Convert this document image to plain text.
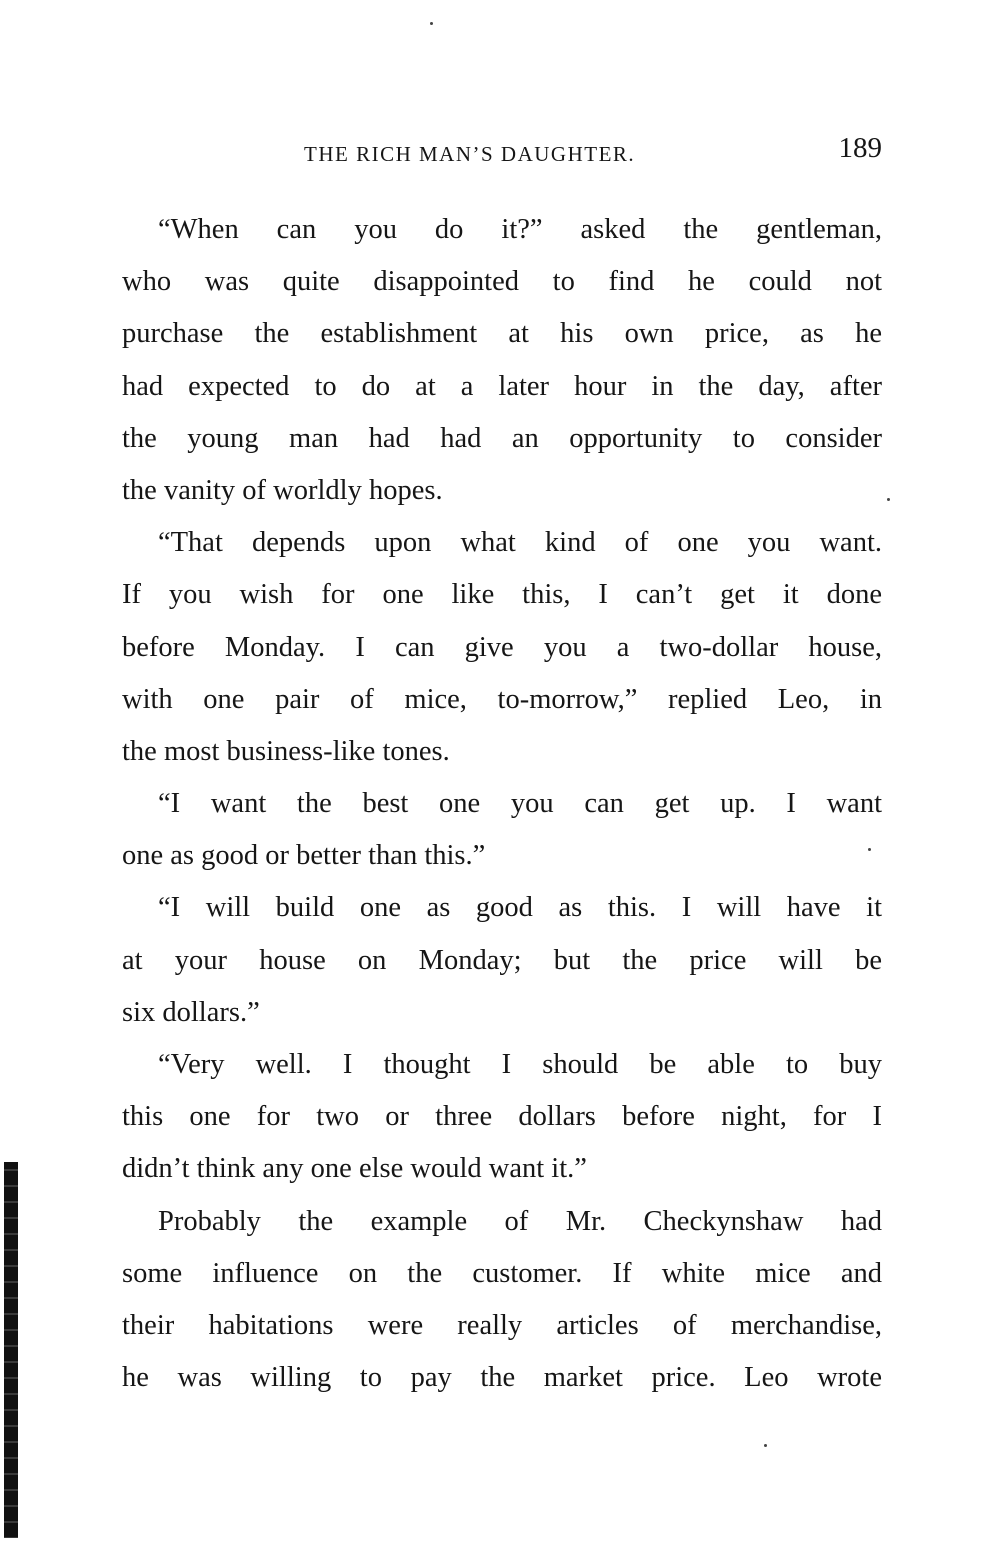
THE RICH MAN’S DAUGHTER.	189
“When can you do it?” asked the gentleman,
who was quite disappointed to find he could not
purchase the establishment at his own price, as he
had expected to do at a later hour in the day, after
the young man had had an opportunity to consider
the vanity of worldly hopes.
“That depends upon what kind of one you want.
If you wish for one like this, I can’t get it done
before Monday. I can give you a two-dollar house,
with one pair of mice, to-morrow,” replied Leo, in
the most business-like tones.
“I want the best one you can get up. I want
one as good or better than this.”
“I will build one as good as this. I will have it
at your house on Monday; but the price will be
six dollars.”
“Very well. I thought I should be able to buy
this one for two or three dollars before night, for I
didn’t think any one else would want it.”
Probably the example of Mr. Checkynshaw had
some influence on the customer. If white mice and
their habitations were really articles of merchandise,
he was willing to pay the market price. Leo wrote
